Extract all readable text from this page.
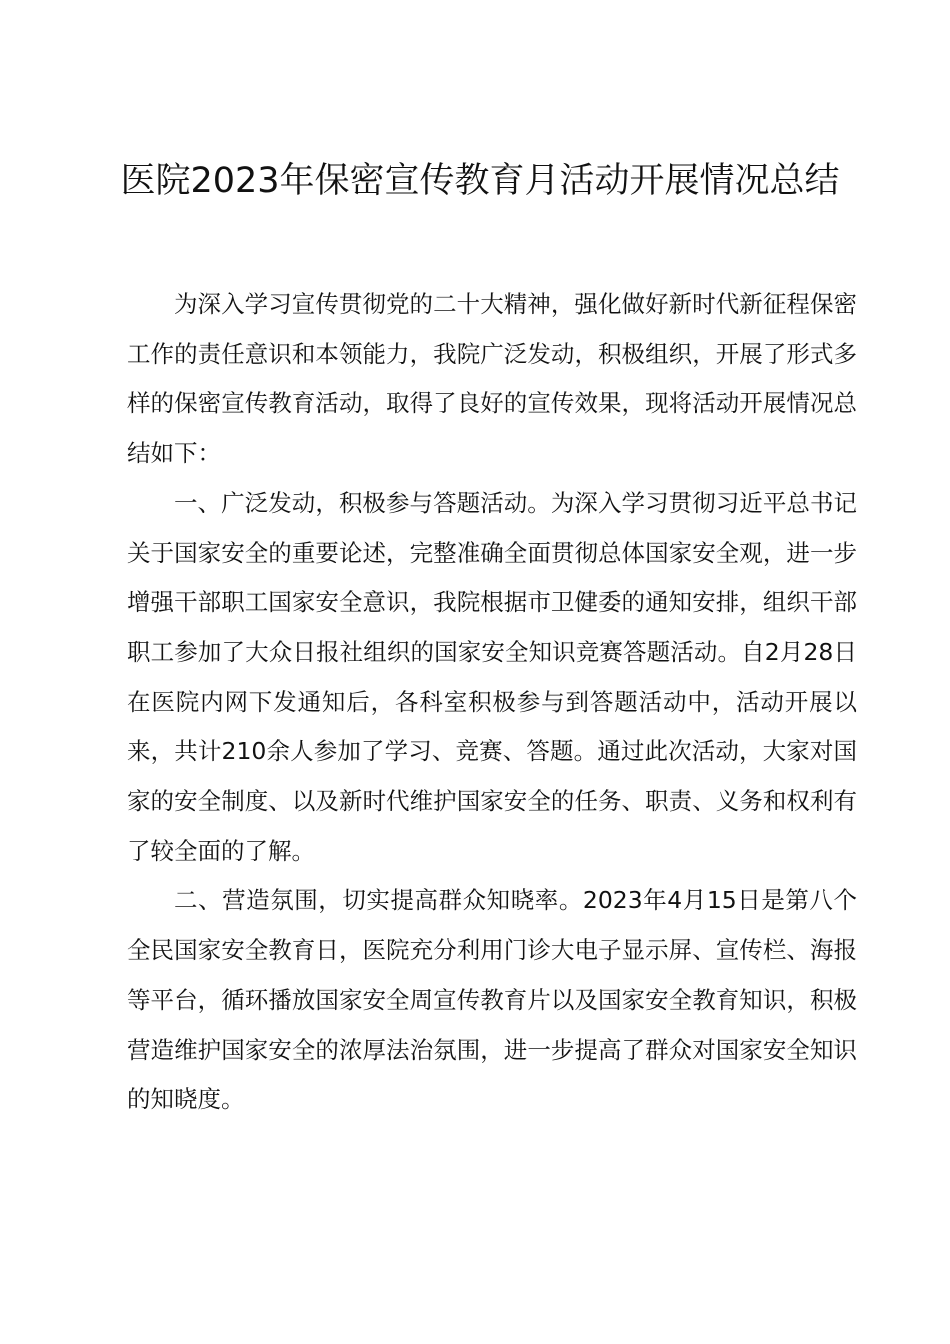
医院2023年保密宣传教育月活动开展情况总结

为深入学习宣传贯彻党的二十大精神，强化做好新时代新征程保密工作的责任意识和本领能力，我院广泛发动，积极组织，开展了形式多样的保密宣传教育活动，取得了良好的宣传效果，现将活动开展情况总结如下：

一、广泛发动，积极参与答题活动。为深入学习贯彻习近平总书记关于国家安全的重要论述，完整准确全面贯彻总体国家安全观，进一步增强干部职工国家安全意识，我院根据市卫健委的通知安排，组织干部职工参加了大众日报社组织的国家安全知识竞赛答题活动。自2月28日在医院内网下发通知后，各科室积极参与到答题活动中，活动开展以来，共计210余人参加了学习、竞赛、答题。通过此次活动，大家对国家的安全制度、以及新时代维护国家安全的任务、职责、义务和权利有了较全面的了解。

二、营造氛围，切实提高群众知晓率。2023年4月15日是第八个全民国家安全教育日，医院充分利用门诊大电子显示屏、宣传栏、海报等平台，循环播放国家安全周宣传教育片以及国家安全教育知识，积极营造维护国家安全的浓厚法治氛围，进一步提高了群众对国家安全知识的知晓度。
